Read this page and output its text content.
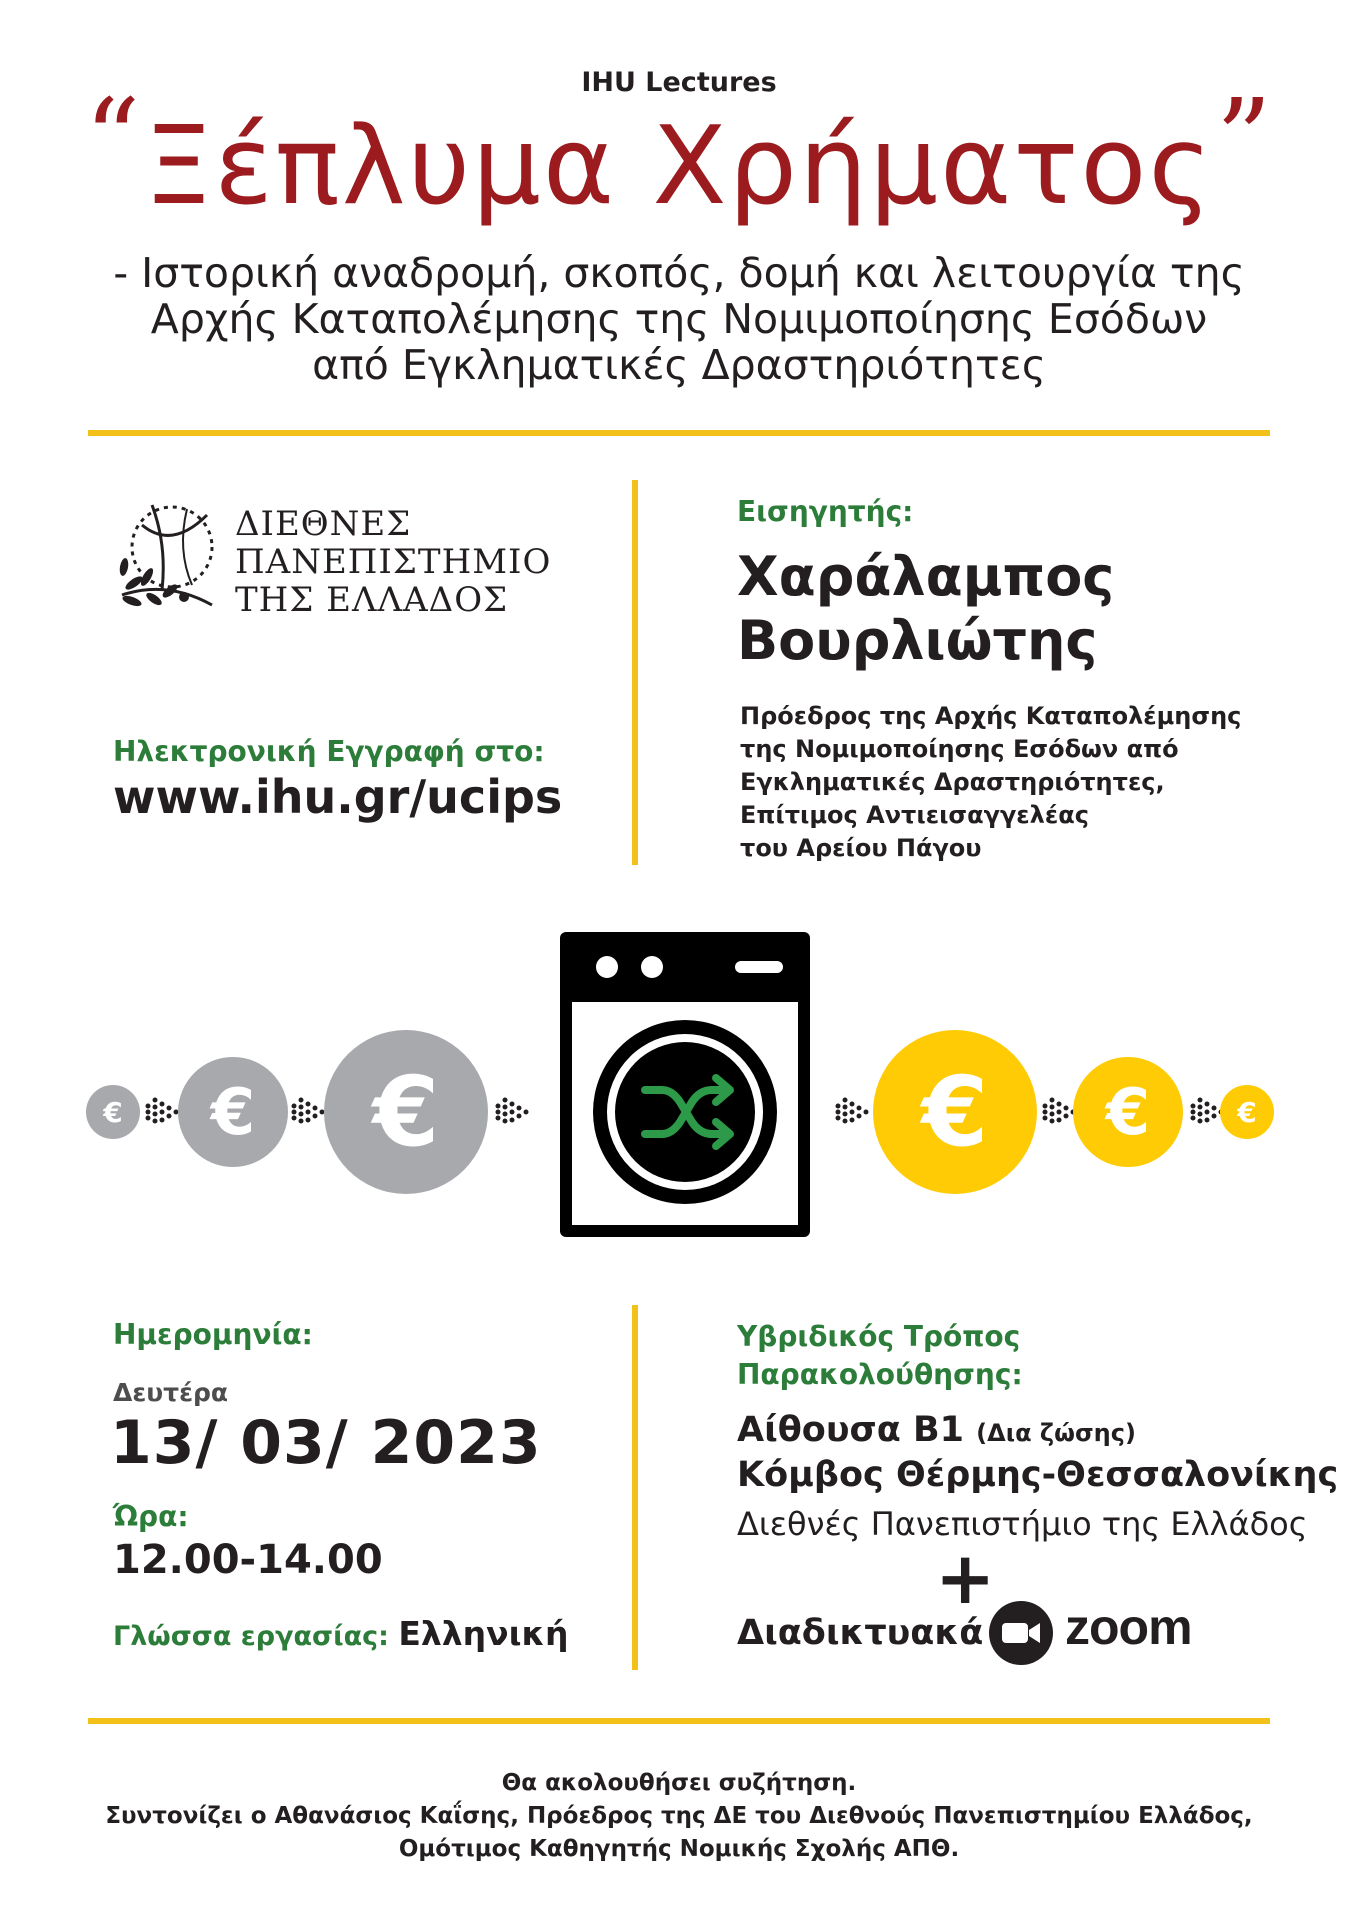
IHU Lectures
“ Ξέπλυμα Χρήματος ”
- Ιστορική αναδρομή, σκοπός, δομή και λειτουργία της
Αρχής Καταπολέμησης της Νομιμοποίησης Εσόδων
από Εγκληματικές Δραστηριότητες
ΔΙΕΘΝΕΣ
ΠΑΝΕΠΙΣΤΗΜΙΟ
ΤΗΣ ΕΛΛΑΔΟΣ
Ηλεκτρονική Εγγραφή στο:
www.ihu.gr/ucips
Εισηγητής:
Χαράλαμπος
Βουρλιώτης
Πρόεδρος της Αρχής Καταπολέμησης
της Νομιμοποίησης Εσόδων από
Εγκληματικές Δραστηριότητες,
Επίτιμος Αντιεισαγγελέας
του Αρείου Πάγου
€ € €	€ €	€
Ημερομηνία:
Δευτέρα
13/ 03/ 2023
Ώρα:
12.00-14.00
Γλώσσα εργασίας: Ελληνική
Υβριδικός Τρόπος
Παρακολούθησης:
Αίθουσα Β1 (Δια ζώσης)
Κόμβος Θέρμης-Θεσσαλονίκης
Διεθνές Πανεπιστήμιο της Ελλάδος
+
Διαδικτυακά zoom
Θα ακολουθήσει συζήτηση.
Συντονίζει ο Αθανάσιος Καΐσης, Πρόεδρος της ΔΕ του Διεθνούς Πανεπιστημίου Ελλάδος,
Ομότιμος Καθηγητής Νομικής Σχολής ΑΠΘ.
